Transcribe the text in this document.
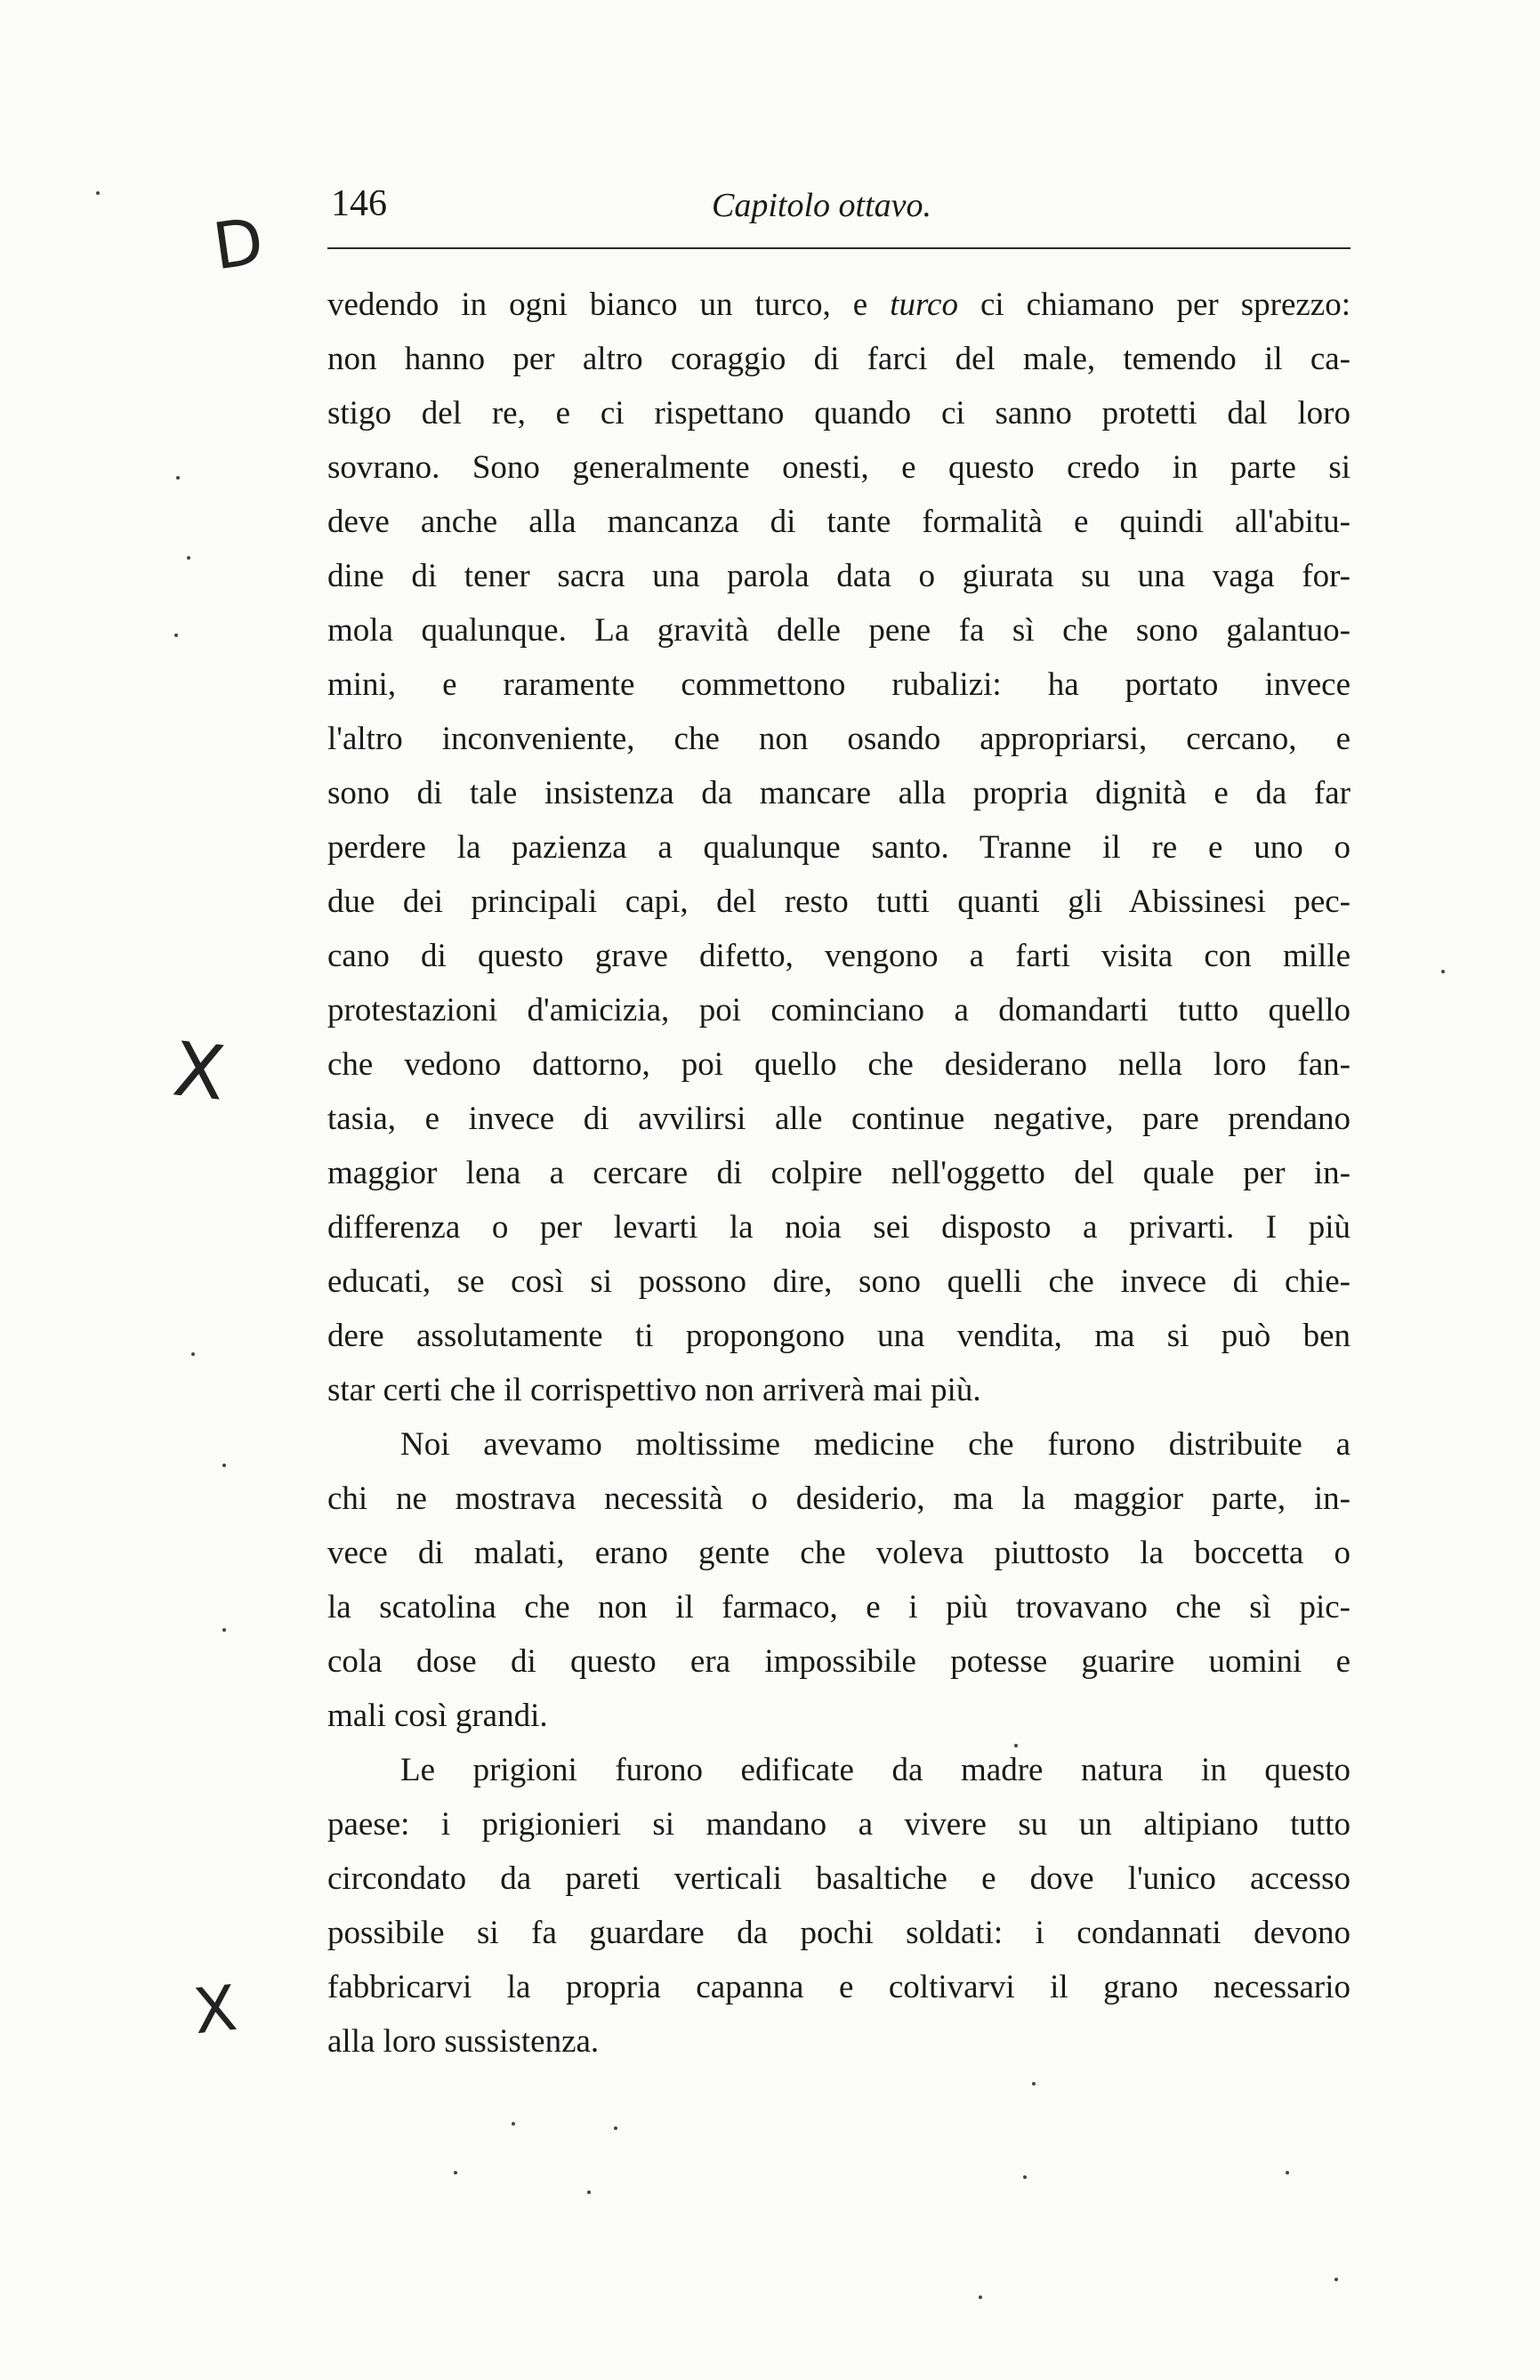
146	Capitolo ottavo.
D
X
X
vedendo in ogni bianco un turco, e turco ci chiamano per sprezzo:
non hanno per altro coraggio di farci del male, temendo il ca-
stigo del re, e ci rispettano quando ci sanno protetti dal loro
sovrano. Sono generalmente onesti, e questo credo in parte si
deve anche alla mancanza di tante formalità e quindi all'abitu-
dine di tener sacra una parola data o giurata su una vaga for-
mola qualunque. La gravità delle pene fa sì che sono galantuo-
mini, e raramente commettono rubalizi: ha portato invece
l'altro inconveniente, che non osando appropriarsi, cercano, e
sono di tale insistenza da mancare alla propria dignità e da far
perdere la pazienza a qualunque santo. Tranne il re e uno o
due dei principali capi, del resto tutti quanti gli Abissinesi pec-
cano di questo grave difetto, vengono a farti visita con mille
protestazioni d'amicizia, poi cominciano a domandarti tutto quello
che vedono dattorno, poi quello che desiderano nella loro fan-
tasia, e invece di avvilirsi alle continue negative, pare prendano
maggior lena a cercare di colpire nell'oggetto del quale per in-
differenza o per levarti la noia sei disposto a privarti. I più
educati, se così si possono dire, sono quelli che invece di chie-
dere assolutamente ti propongono una vendita, ma si può ben
star certi che il corrispettivo non arriverà mai più.
Noi avevamo moltissime medicine che furono distribuite a
chi ne mostrava necessità o desiderio, ma la maggior parte, in-
vece di malati, erano gente che voleva piuttosto la boccetta o
la scatolina che non il farmaco, e i più trovavano che sì pic-
cola dose di questo era impossibile potesse guarire uomini e
mali così grandi.
Le prigioni furono edificate da madre natura in questo
paese: i prigionieri si mandano a vivere su un altipiano tutto
circondato da pareti verticali basaltiche e dove l'unico accesso
possibile si fa guardare da pochi soldati: i condannati devono
fabbricarvi la propria capanna e coltivarvi il grano necessario
alla loro sussistenza.
